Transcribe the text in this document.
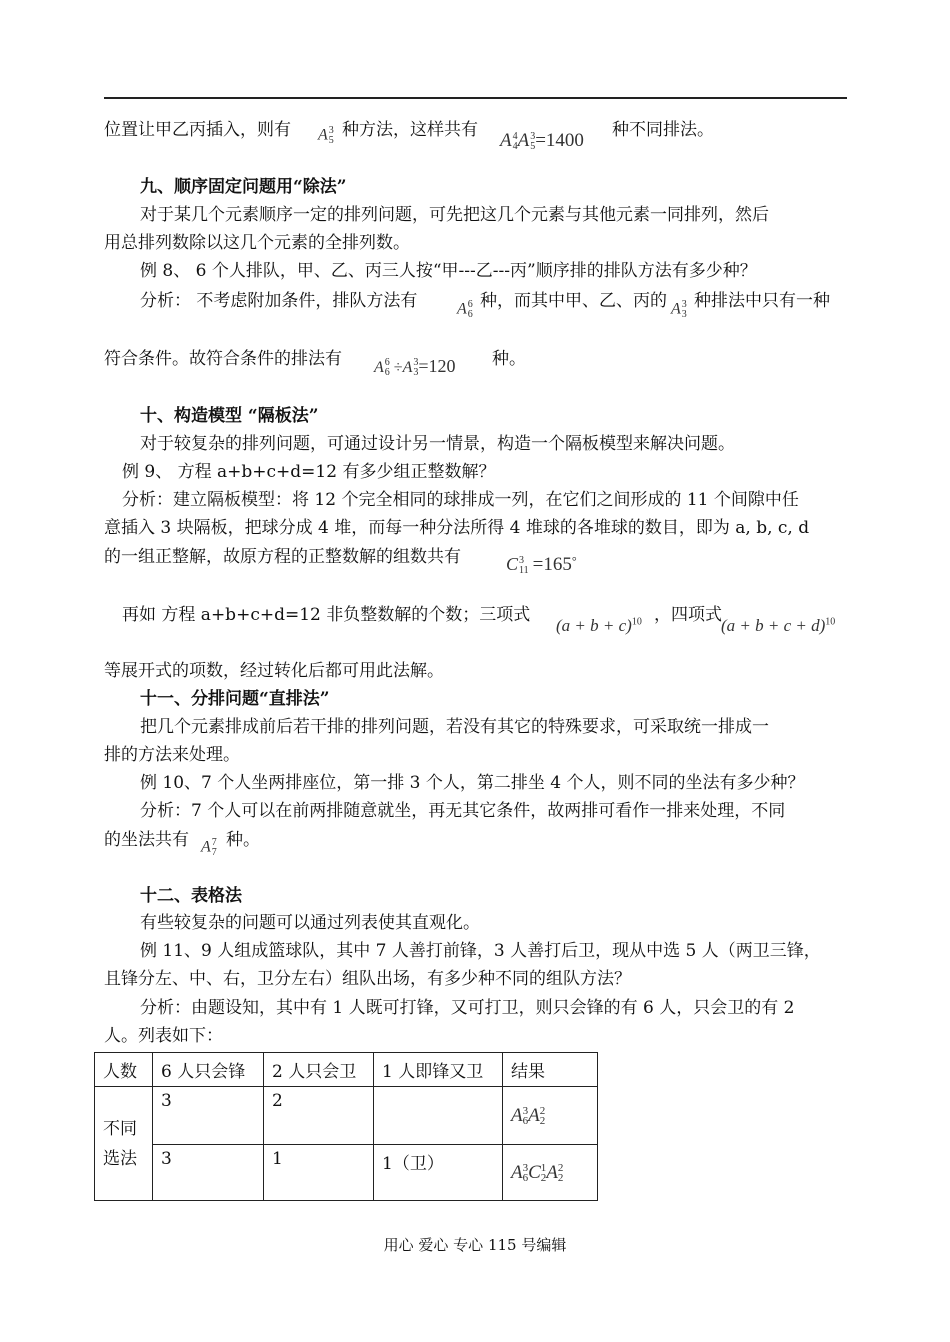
位置让甲乙丙插入，则有 A3
5
种方法，这样共有 A4
4A3
5=1400 种不同排法。
九、顺序固定问题用“除法”
对于某几个元素顺序一定的排列问题，可先把这几个元素与其他元素一同排列，然后
用总排列数除以这几个元素的全排列数。
例 8、 6 个人排队，甲、乙、丙三人按“甲---乙---丙”顺序排的排队方法有多少种？
分析： 不考虑附加条件，排队方法有 A6
6
种，而其中甲、乙、丙的 A3
3
种排法中只有一种
符合条件。故符合条件的排法有 A6
6 ÷A3
3=120 种。
十、构造模型 “隔板法”
对于较复杂的排列问题，可通过设计另一情景，构造一个隔板模型来解决问题。
例 9、 方程 a+b+c+d=12 有多少组正整数解？
分析：建立隔板模型：将 12 个完全相同的球排成一列，在它们之间形成的 11 个间隙中任
意插入 3 块隔板，把球分成 4 堆，而每一种分法所得 4 堆球的各堆球的数目，即为 a, b, c, d
的一组正整解，故原方程的正整数解的组数共有	C3
11 =165°
再如 方程 a+b+c+d=12 非负整数解的个数；三项式
$(a + b + c)^{10}$ ，四项式
$(a + b + c + d)^{10}$
等展开式的项数，经过转化后都可用此法解。
十一、分排问题“直排法”
把几个元素排成前后若干排的排列问题，若没有其它的特殊要求，可采取统一排成一
排的方法来处理。
例 10、7 个人坐两排座位，第一排 3 个人，第二排坐 4 个人，则不同的坐法有多少种？
分析：7 个人可以在前两排随意就坐，再无其它条件，故两排可看作一排来处理，不同
的坐法共有 A7
7
种。
十二、表格法
有些较复杂的问题可以通过列表使其直观化。
例 11、9 人组成篮球队，其中 7 人善打前锋，3 人善打后卫，现从中选 5 人（两卫三锋，
且锋分左、中、右，卫分左右）组队出场，有多少种不同的组队方法？
分析：由题设知，其中有 1 人既可打锋，又可打卫，则只会锋的有 6 人，只会卫的有 2
人。列表如下：
人数	6 人只会锋	2 人只会卫	1 人即锋又卫	结果

不同选法	3	2		A3
6A2
2

	3	1	1（卫）	A3
6C1
2A2
2
用心 爱心 专心 115 号编辑
